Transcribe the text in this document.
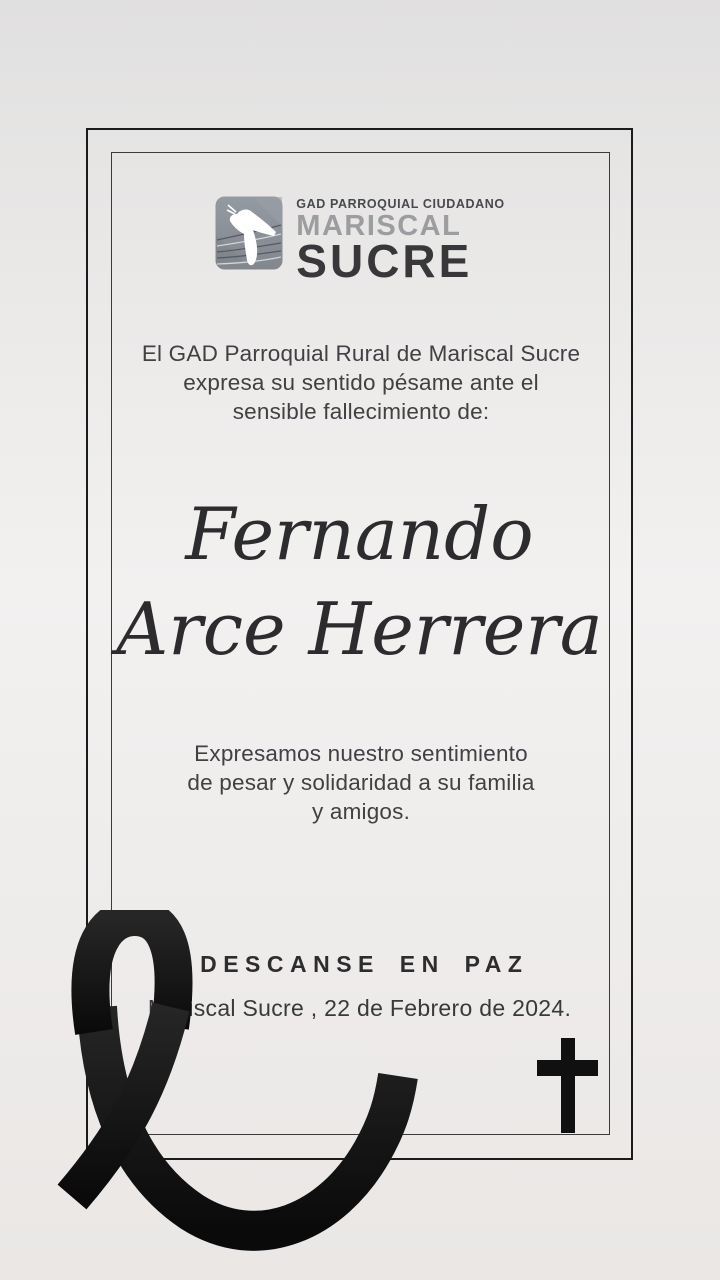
GAD PARROQUIAL CIUDADANO
MARISCAL
SUCRE
El GAD Parroquial Rural de Mariscal Sucre
expresa su sentido pésame ante el
sensible fallecimiento de:
Fernando
Arce Herrera
Expresamos nuestro sentimiento
de pesar y solidaridad a su familia
y amigos.
DESCANSE EN PAZ
Mariscal Sucre , 22 de Febrero de 2024.
